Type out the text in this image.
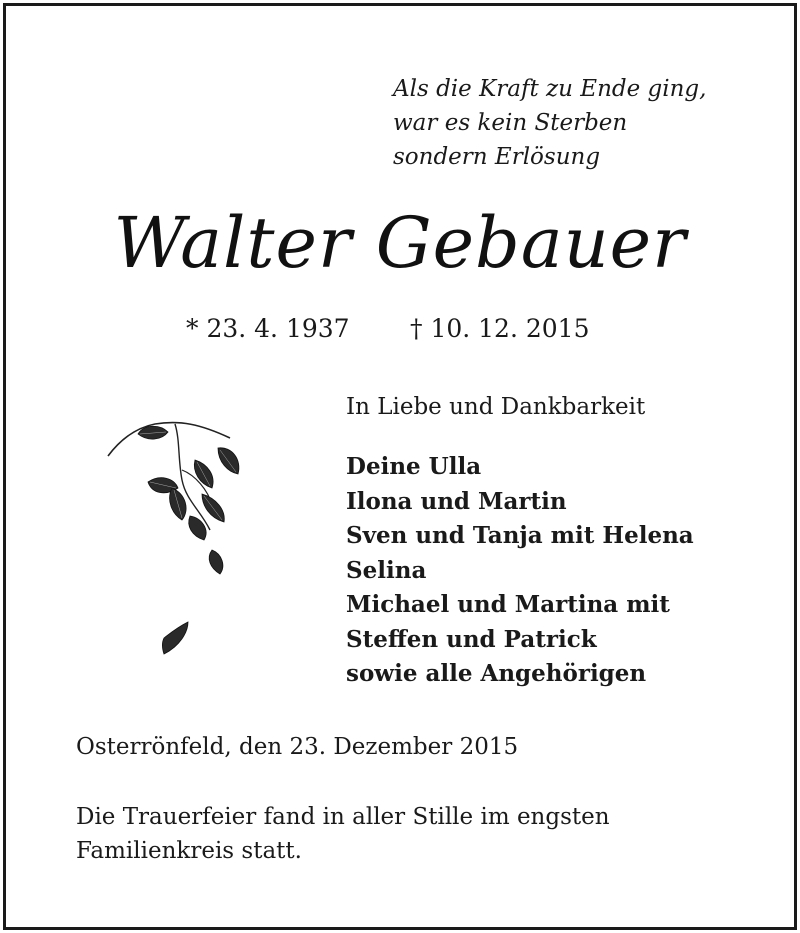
Als die Kraft zu Ende ging,
war es kein Sterben
sondern Erlösung
Walter Gebauer
* 23. 4. 1937 † 10. 12. 2015
In Liebe und Dankbarkeit
Deine Ulla
Ilona und Martin
Sven und Tanja mit Helena
Selina
Michael und Martina mit
Steffen und Patrick
sowie alle Angehörigen
Osterrönfeld, den 23. Dezember 2015
Die Trauerfeier fand in aller Stille im engsten
Familienkreis statt.
